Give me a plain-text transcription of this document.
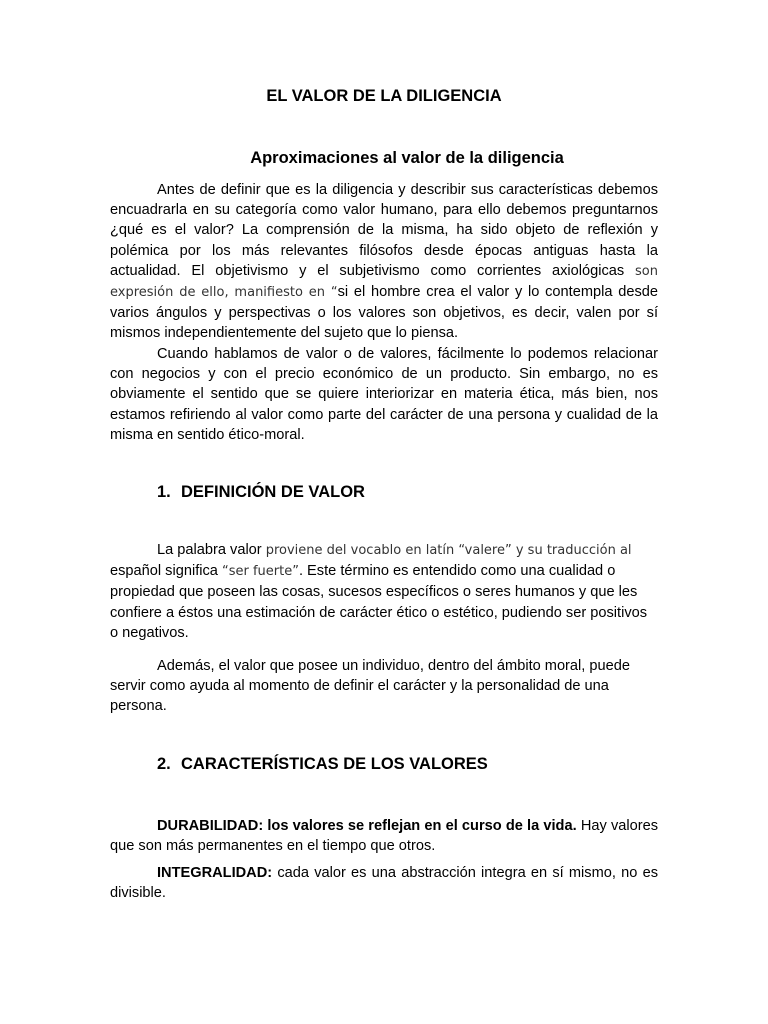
EL VALOR DE LA DILIGENCIA
Aproximaciones al valor de la diligencia

Antes de definir que es la diligencia y describir sus características debemos encuadrarla en su categoría como valor humano, para ello debemos preguntarnos ¿qué es el valor? La comprensión de la misma, ha sido objeto de reflexión y polémica por los más relevantes filósofos desde épocas antiguas hasta la actualidad. El objetivismo y el subjetivismo como corrientes axiológicas son expresión de ello, manifiesto en “si el hombre crea el valor y lo contempla desde varios ángulos y perspectivas o los valores son objetivos, es decir, valen por sí mismos independientemente del sujeto que lo piensa.

Cuando hablamos de valor o de valores, fácilmente lo podemos relacionar con negocios y con el precio económico de un producto. Sin embargo, no es obviamente el sentido que se quiere interiorizar en materia ética, más bien, nos estamos refiriendo al valor como parte del carácter de una persona y cualidad de la misma en sentido ético-moral.

1. DEFINICIÓN DE VALOR

La palabra valor proviene del vocablo en latín “valere” y su traducción al español significa “ser fuerte”. Este término es entendido como una cualidad o propiedad que poseen las cosas, sucesos específicos o seres humanos y que les confiere a éstos una estimación de carácter ético o estético, pudiendo ser positivos o negativos.

Además, el valor que posee un individuo, dentro del ámbito moral, puede servir como ayuda al momento de definir el carácter y la personalidad de una persona.

2. CARACTERÍSTICAS DE LOS VALORES

DURABILIDAD: los valores se reflejan en el curso de la vida. Hay valores que son más permanentes en el tiempo que otros.

INTEGRALIDAD: cada valor es una abstracción integra en sí mismo, no es divisible.
